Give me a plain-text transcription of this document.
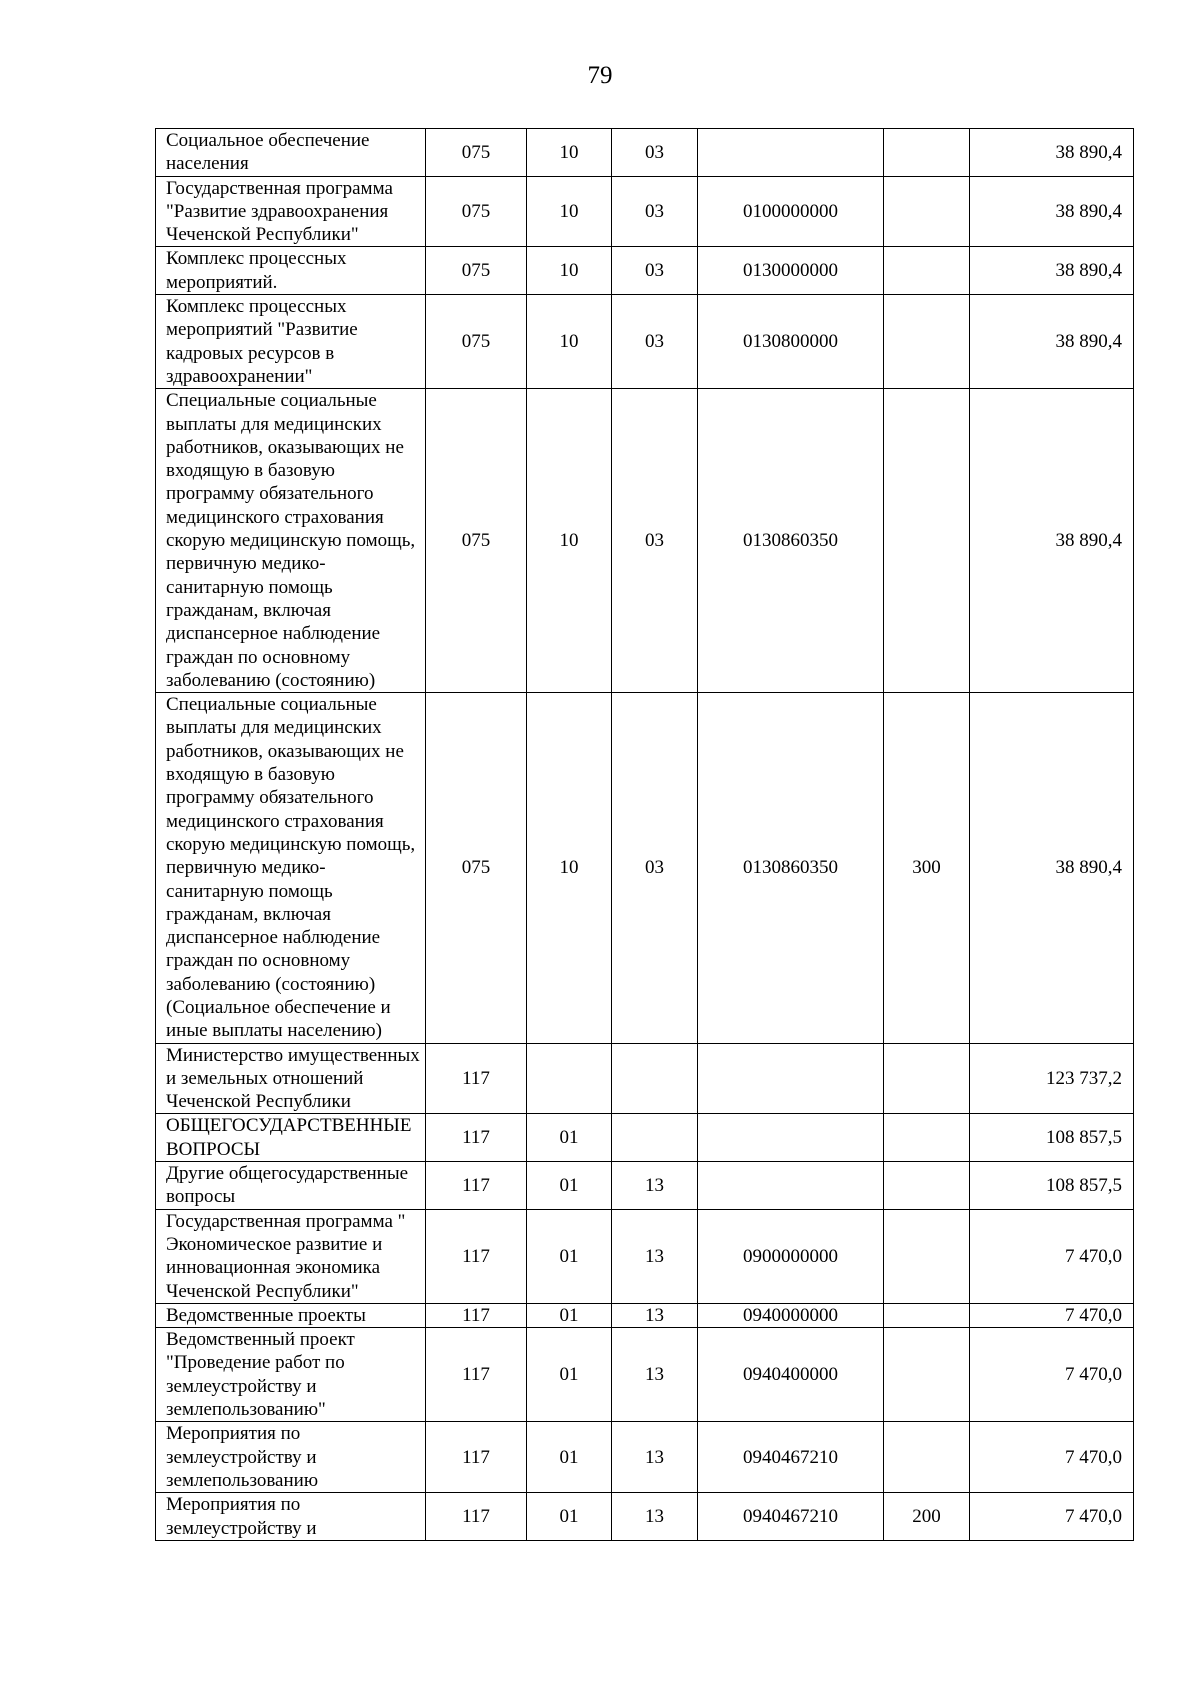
79
Социальное обеспечение населения	075	10	03			38 890,4
Государственная программа "Развитие здравоохранения Чеченской Республики"	075	10	03	0100000000		38 890,4
Комплекс процессных мероприятий.	075	10	03	0130000000		38 890,4
Комплекс процессных мероприятий "Развитие кадровых ресурсов в здравоохранении"	075	10	03	0130800000		38 890,4
Специальные социальные выплаты для медицинских работников, оказывающих не входящую в базовую программу обязательного медицинского страхования скорую медицинскую помощь, первичную медико-санитарную помощь гражданам, включая диспансерное наблюдение граждан по основному заболеванию (состоянию)	075	10	03	0130860350		38 890,4
Специальные социальные выплаты для медицинских работников, оказывающих не входящую в базовую программу обязательного медицинского страхования скорую медицинскую помощь, первичную медико-санитарную помощь гражданам, включая диспансерное наблюдение граждан по основному заболеванию (состоянию) (Социальное обеспечение и иные выплаты населению)	075	10	03	0130860350	300	38 890,4
Министерство имущественных и земельных отношений Чеченской Республики	117					123 737,2
ОБЩЕГОСУДАРСТВЕННЫЕ ВОПРОСЫ	117	01				108 857,5
Другие общегосударственные вопросы	117	01	13			108 857,5
Государственная программа " Экономическое развитие и инновационная экономика Чеченской Республики"	117	01	13	0900000000		7 470,0
Ведомственные проекты	117	01	13	0940000000		7 470,0
Ведомственный проект "Проведение работ по землеустройству и землепользованию"	117	01	13	0940400000		7 470,0
Мероприятия по землеустройству и землепользованию	117	01	13	0940467210		7 470,0
Мероприятия по землеустройству и	117	01	13	0940467210	200	7 470,0
